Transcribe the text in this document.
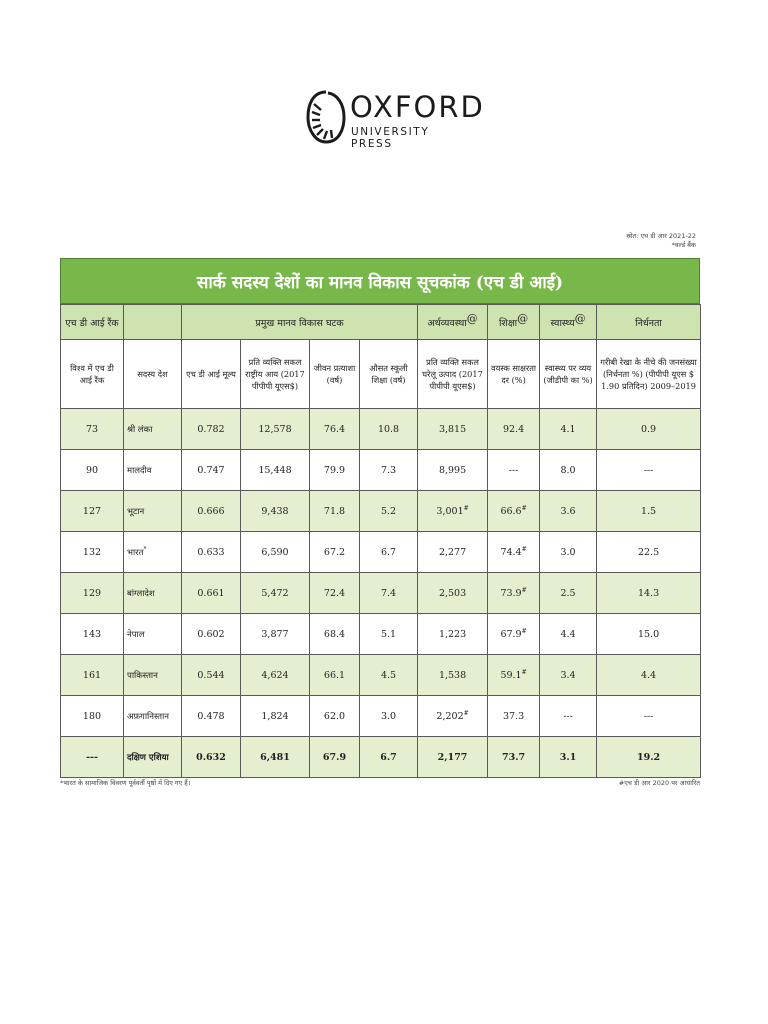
OXFORD
UNIVERSITY PRESS
स्रोत: एच डी आर 2021-22
*वर्ल्ड बैंक
सार्क सदस्य देशों का मानव विकास सूचकांक (एच डी आई)
एच डी आई रैंक		प्रमुख मानव विकास घटक				अर्थव्यवस्था@	शिक्षा@	स्वास्थ्य@	निर्धनता
विश्व में एच डी आई रैंक	सदस्य देश	एच डी आई मूल्य	प्रति व्यक्ति सकल राष्ट्रीय आय (2017 पीपीपी यूएस$)	जीवन प्रत्याशा (वर्ष)	औसत स्कूली शिक्षा (वर्ष)	प्रति व्यक्ति सकल घरेलू उत्पाद (2017 पीपीपी यूएस$)	वयस्क साक्षरता दर (%)	स्वास्थ्य पर व्यय (जीडीपी का %)	गरीबी रेखा के नीचे की जनसंख्या (निर्धनता %) (पीपीपी यूएस $ 1.90 प्रतिदिन) 2009–2019
73	श्री लंका	0.782	12,578	76.4	10.8	3,815	92.4	4.1	0.9
90	मालदीव	0.747	15,448	79.9	7.3	8,995	---	8.0	---
127	भूटान	0.666	9,438	71.8	5.2	3,001#	66.6#	3.6	1.5
132	भारत*	0.633	6,590	67.2	6.7	2,277	74.4#	3.0	22.5
129	बांग्लादेश	0.661	5,472	72.4	7.4	2,503	73.9#	2.5	14.3
143	नेपाल	0.602	3,877	68.4	5.1	1,223	67.9#	4.4	15.0
161	पाकिस्तान	0.544	4,624	66.1	4.5	1,538	59.1#	3.4	4.4
180	अफ़गानिस्तान	0.478	1,824	62.0	3.0	2,202#	37.3	---	---
---	दक्षिण एशिया	0.632	6,481	67.9	6.7	2,177	73.7	3.1	19.2
*भारत के सामाजिक विवरण पूर्ववर्ती पृष्ठों में दिए गए हैं।	#एच डी आर 2020 पर आधारित
